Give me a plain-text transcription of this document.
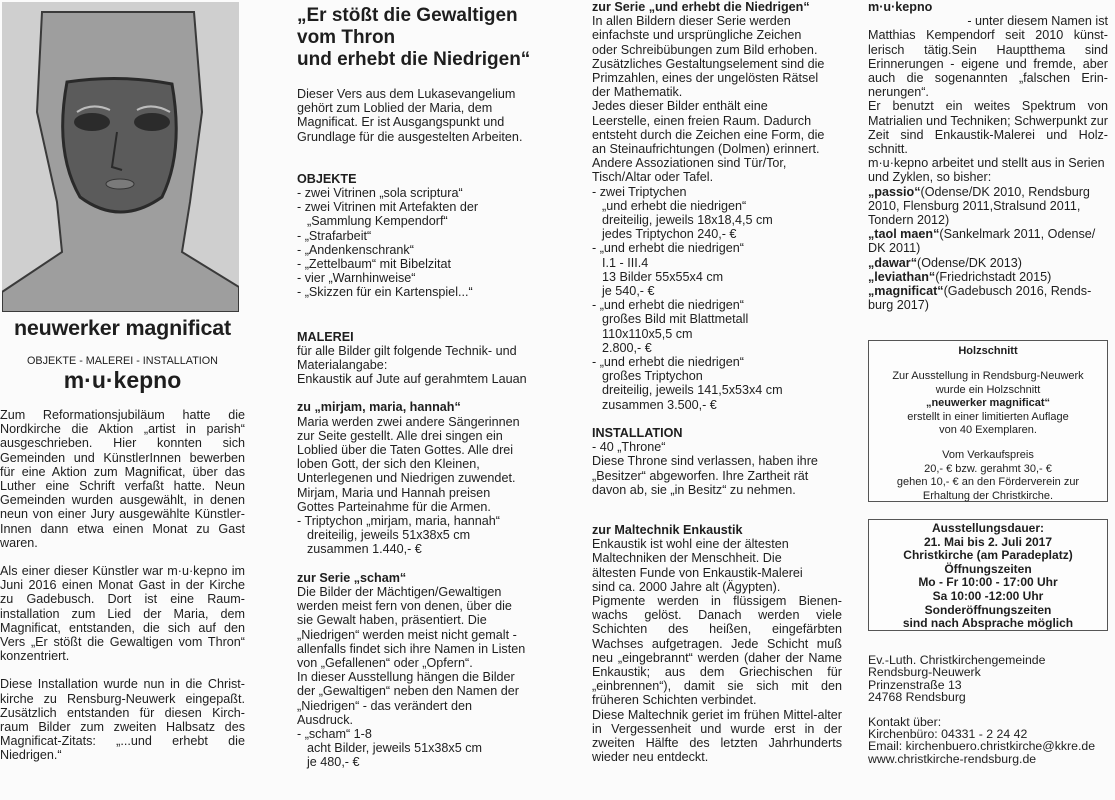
neuwerker magnificat
OBJEKTE - MALEREI - INSTALLATION
m·u·kepno

Zum Reformationsjubiläum hatte die Nordkirche die Aktion „artist in parish“ ausgeschrieben. Hier konnten sich Gemeinden und KünstlerInnen bewerben für eine Aktion zum Magnificat, über das Luther eine Schrift verfaßt hatte. Neun Gemeinden wurden ausgewählt, in denen neun von einer Jury ausgewählte Künstler-Innen dann etwa einen Monat zu Gast waren.

Als einer dieser Künstler war m·u·kepno im Juni 2016 einen Monat Gast in der Kirche zu Gadebusch. Dort ist eine Raum-installation zum Lied der Maria, dem Magnificat, entstanden, die sich auf den Vers „Er stößt die Gewaltigen vom Thron“ konzentriert.

Diese Installation wurde nun in die Christ-kirche zu Rensburg-Neuwerk eingepaßt. Zusätzlich entstanden für diesen Kirch-raum Bilder zum zweiten Halbsatz des Magnificat-Zitats: „...und erhebt die Niedrigen.“

„Er stößt die Gewaltigen
vom Thron
und erhebt die Niedrigen“
Dieser Vers aus dem Lukasevangelium
gehört zum Loblied der Maria, dem
Magnificat. Er ist Ausgangspunkt und
Grundlage für die ausgestelten Arbeiten.
OBJEKTE
- zwei Vitrinen „sola scriptura“
- zwei Vitrinen mit Artefakten der
„Sammlung Kempendorf“
- „Strafarbeit“
- „Andenkenschrank“
- „Zettelbaum“ mit Bibelzitat
- vier „Warnhinweise“
- „Skizzen für ein Kartenspiel...“
MALEREI
für alle Bilder gilt folgende Technik- und
Materialangabe:
Enkaustik auf Jute auf gerahmtem Lauan
zu „mirjam, maria, hannah“
Maria werden zwei andere Sängerinnen
zur Seite gestellt. Alle drei singen ein
Loblied über die Taten Gottes. Alle drei
loben Gott, der sich den Kleinen,
Unterlegenen und Niedrigen zuwendet.
Mirjam, Maria und Hannah preisen
Gottes Parteinahme für die Armen.
- Triptychon „mirjam, maria, hannah“
dreiteilig, jeweils 51x38x5 cm
zusammen 1.440,- €
zur Serie „scham“
Die Bilder der Mächtigen/Gewaltigen
werden meist fern von denen, über die
sie Gewalt haben, präsentiert. Die
„Niedrigen“ werden meist nicht gemalt -
allenfalls findet sich ihre Namen in Listen
von „Gefallenen“ oder „Opfern“.
In dieser Ausstellung hängen die Bilder
der „Gewaltigen“ neben den Namen der
„Niedrigen“ - das verändert den
Ausdruck.
- „scham“ 1-8
acht Bilder, jeweils 51x38x5 cm
je 480,- €
zur Serie „und erhebt die Niedrigen“
In allen Bildern dieser Serie werden
einfachste und ursprüngliche Zeichen
oder Schreibübungen zum Bild erhoben.
Zusätzliches Gestaltungselement sind die
Primzahlen, eines der ungelösten Rätsel
der Mathematik.
Jedes dieser Bilder enthält eine
Leerstelle, einen freien Raum. Dadurch
entsteht durch die Zeichen eine Form, die
an Steinaufrichtungen (Dolmen) erinnert.
Andere Assoziationen sind Tür/Tor,
Tisch/Altar oder Tafel.
- zwei Triptychen
„und erhebt die niedrigen“
dreiteilig, jeweils 18x18,4,5 cm
jedes Triptychon 240,- €
- „und erhebt die niedrigen“
I.1 - III.4
13 Bilder 55x55x4 cm
je 540,- €
- „und erhebt die niedrigen“
großes Bild mit Blattmetall
110x110x5,5 cm
2.800,- €
- „und erhebt die niedrigen“
großes Triptychon
dreiteilig, jeweils 141,5x53x4 cm
zusammen 3.500,- €
INSTALLATION
- 40 „Throne“
Diese Throne sind verlassen, haben ihre
„Besitzer“ abgeworfen. Ihre Zartheit rät
davon ab, sie „in Besitz“ zu nehmen.
zur Maltechnik Enkaustik
Enkaustik ist wohl eine der ältesten
Maltechniken der Menschheit. Die
ältesten Funde von Enkaustik-Malerei
sind ca. 2000 Jahre alt (Ägypten).
Pigmente werden in flüssigem Bienen-wachs gelöst. Danach werden viele Schichten des heißen, eingefärbten Wachses aufgetragen. Jede Schicht muß neu „eingebrannt“ werden (daher der Name Enkaustik; aus dem Griechischen für „einbrennen“), damit sie sich mit den früheren Schichten verbindet.
Diese Maltechnik geriet im frühen Mittel-alter in Vergessenheit und wurde erst in der zweiten Hälfte des letzten Jahrhunderts wieder neu entdeckt.
m·u·kepno
- unter diesem Namen ist
Matthias Kempendorf seit 2010 künst-lerisch tätig.Sein Hauptthema sind Erinnerungen - eigene und fremde, aber auch die sogenannten „falschen Erin-nerungen“.
Er benutzt ein weites Spektrum von Matrialien und Techniken; Schwerpunkt zur Zeit sind Enkaustik-Malerei und Holz-schnitt.
m·u·kepno arbeitet und stellt aus in Serien und Zyklen, so bisher:
„passio“(Odense/DK 2010, Rendsburg 2010, Flensburg 2011,Stralsund 2011, Tondern 2012)
„taol maen“(Sankelmark 2011, Odense/ DK 2011)
„dawar“(Odense/DK 2013)
„leviathan“(Friedrichstadt 2015)
„magnificat“(Gadebusch 2016, Rends-burg 2017)
Holzschnitt
Zur Ausstellung in Rendsburg-Neuwerk
wurde ein Holzschnitt
„neuwerker magnificat“
erstellt in einer limitierten Auflage
von 40 Exemplaren.
Vom Verkaufspreis
20,- € bzw. gerahmt 30,- €
gehen 10,- € an den Förderverein zur
Erhaltung der Christkirche.
Ausstellungsdauer:
21. Mai bis 2. Juli 2017
Christkirche (am Paradeplatz)
Öffnungszeiten
Mo - Fr 10:00 - 17:00 Uhr
Sa 10:00 -12:00 Uhr
Sonderöffnungszeiten
sind nach Absprache möglich
Ev.-Luth. Christkirchengemeinde
Rendsburg-Neuwerk
Prinzenstraße 13
24768 Rendsburg
Kontakt über:
Kirchenbüro: 04331 - 2 24 42
Email: kirchenbuero.christkirche@kkre.de
www.christkirche-rendsburg.de
